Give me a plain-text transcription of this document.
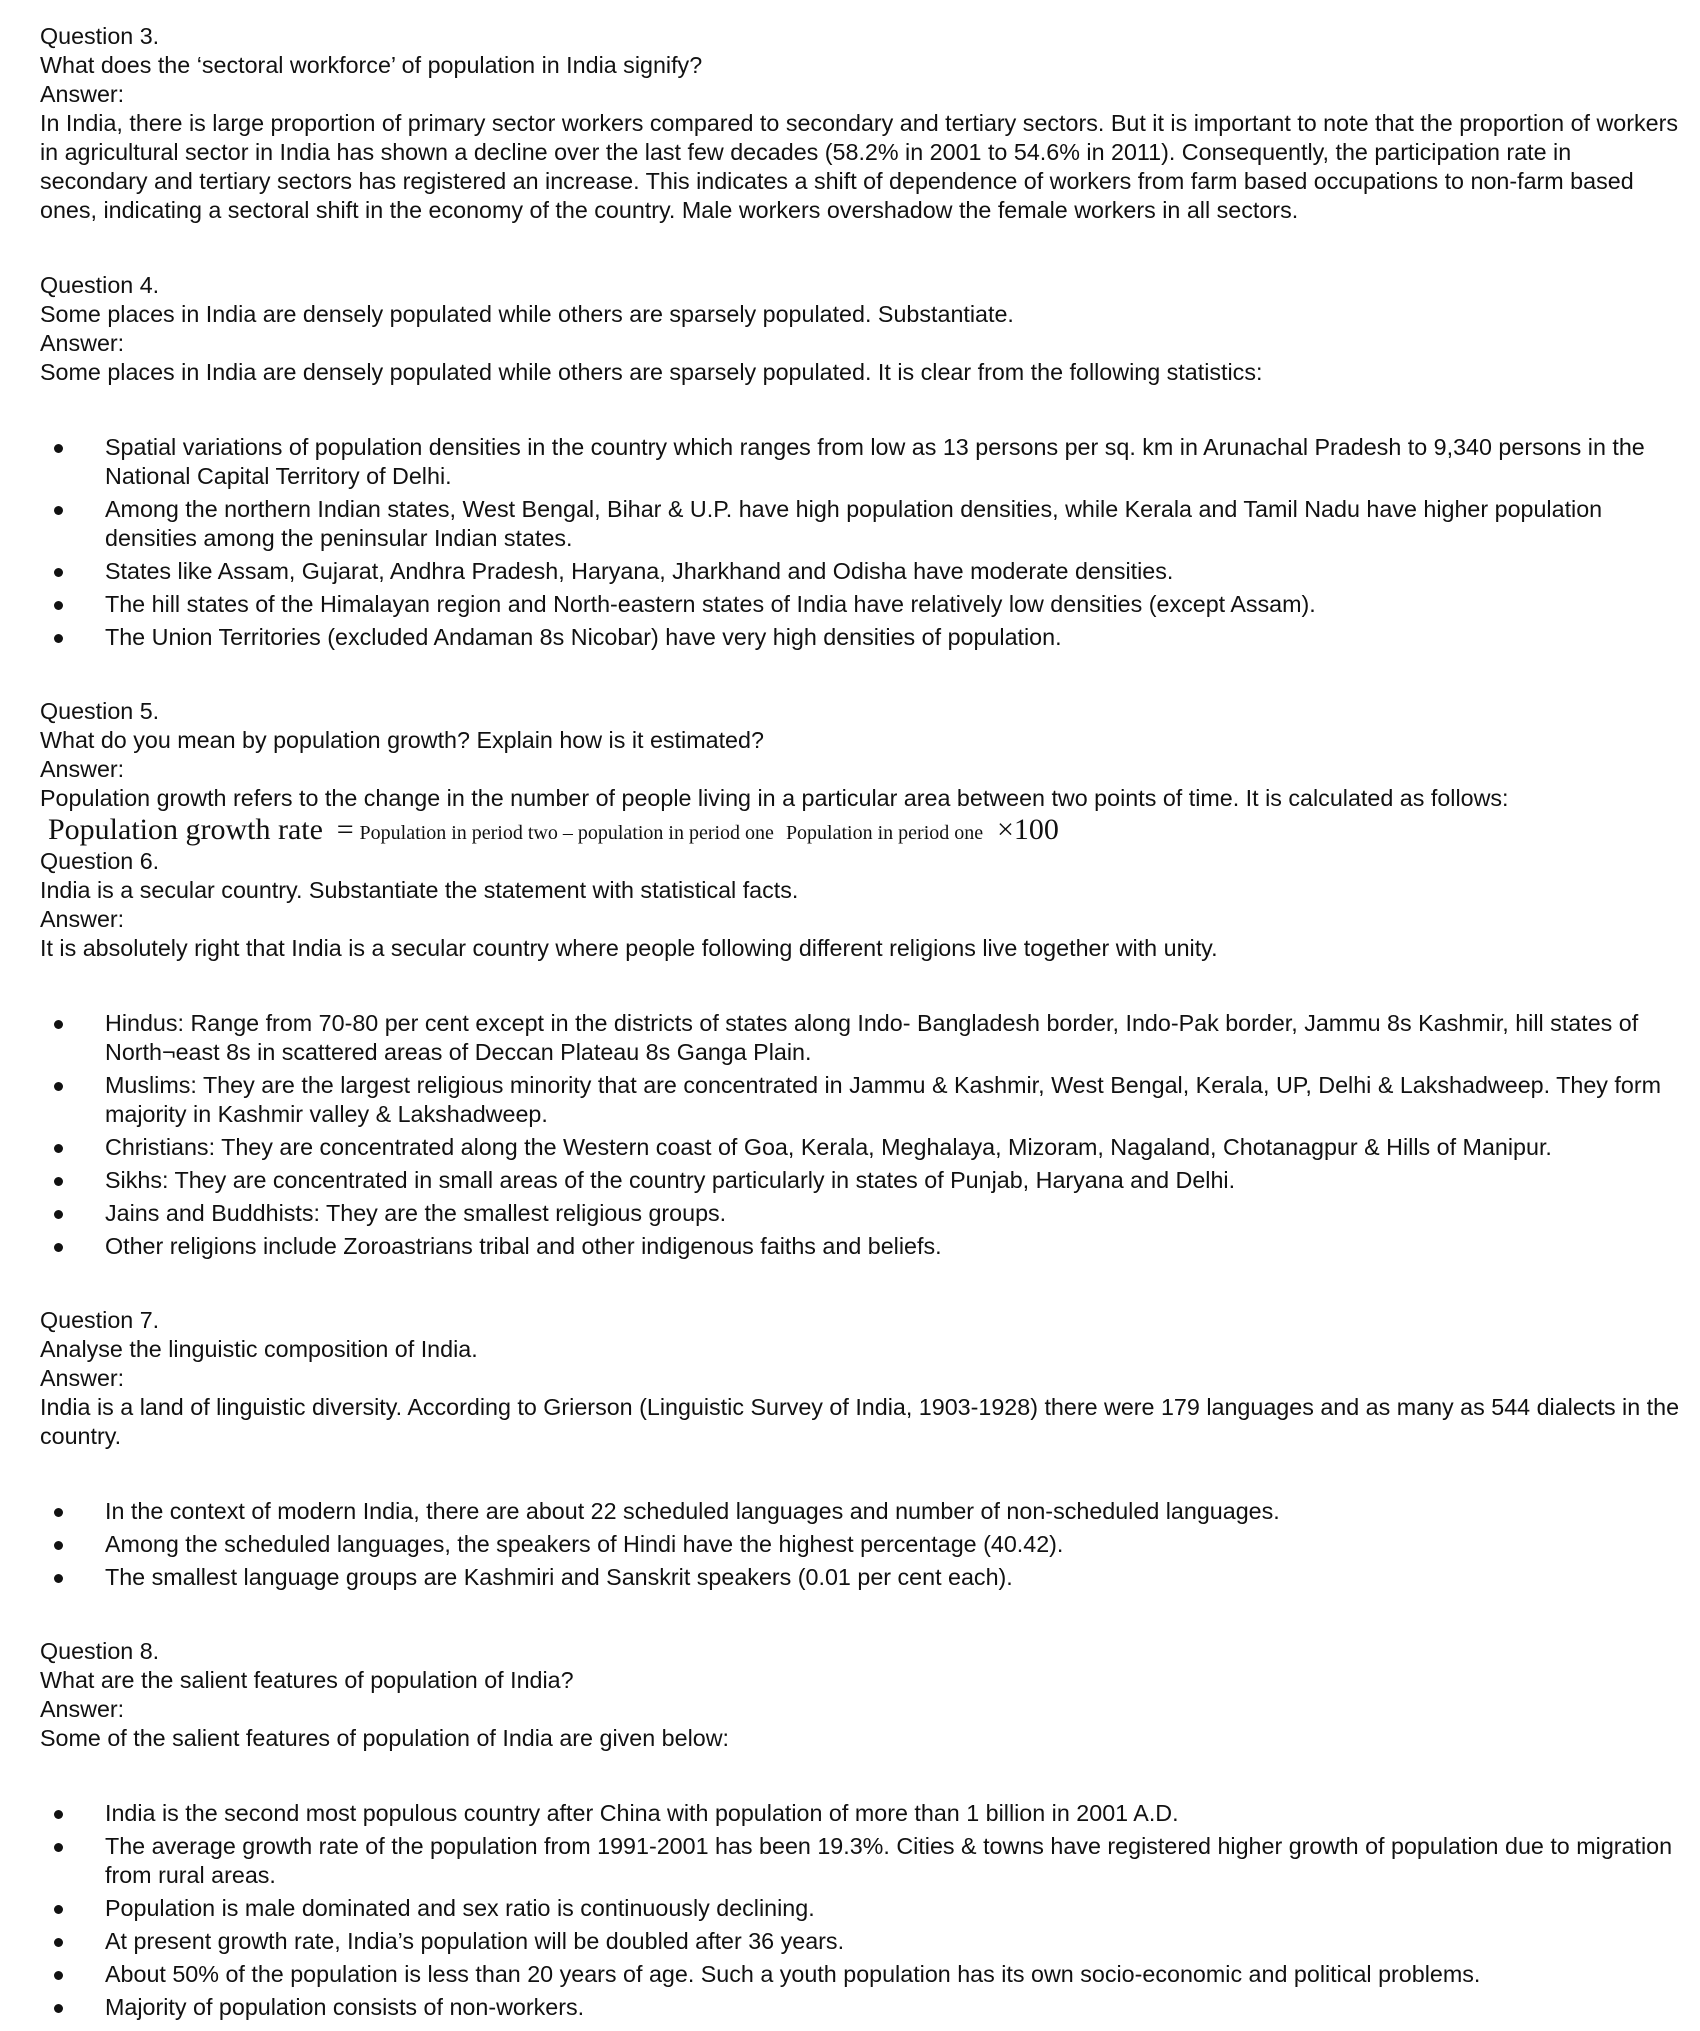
Question 3.
What does the ‘sectoral workforce’ of population in India signify?
Answer:
In India, there is large proportion of primary sector workers compared to secondary and tertiary sectors. But it is important to note that the proportion of workers in agricultural sector in India has shown a decline over the last few decades (58.2% in 2001 to 54.6% in 2011). Consequently, the participation rate in secondary and tertiary sectors has registered an increase. This indicates a shift of dependence of workers from farm based occupations to non-farm based ones, indicating a sectoral shift in the economy of the country. Male workers overshadow the female workers in all sectors.
Question 4.
Some places in India are densely populated while others are sparsely populated. Substantiate.
Answer:
Some places in India are densely populated while others are sparsely populated. It is clear from the following statistics:
Spatial variations of population densities in the country which ranges from low as 13 persons per sq. km in Arunachal Pradesh to 9,340 persons in the National Capital Territory of Delhi.
Among the northern Indian states, West Bengal, Bihar & U.P. have high population densities, while Kerala and Tamil Nadu have higher population densities among the peninsular Indian states.
States like Assam, Gujarat, Andhra Pradesh, Haryana, Jharkhand and Odisha have moderate densities.
The hill states of the Himalayan region and North-eastern states of India have relatively low densities (except Assam).
The Union Territories (excluded Andaman 8s Nicobar) have very high densities of population.
Question 5.
What do you mean by population growth? Explain how is it estimated?
Answer:
Population growth refers to the change in the number of people living in a particular area between two points of time. It is calculated as follows:
Population growth rate = Population in period two – population in period one Population in period one ×100
Question 6.
India is a secular country. Substantiate the statement with statistical facts.
Answer:
It is absolutely right that India is a secular country where people following different religions live together with unity.
Hindus: Range from 70-80 per cent except in the districts of states along Indo- Bangladesh border, Indo-Pak border, Jammu 8s Kashmir, hill states of North¬east 8s in scattered areas of Deccan Plateau 8s Ganga Plain.
Muslims: They are the largest religious minority that are concentrated in Jammu & Kashmir, West Bengal, Kerala, UP, Delhi & Lakshadweep. They form majority in Kashmir valley & Lakshadweep.
Christians: They are concentrated along the Western coast of Goa, Kerala, Meghalaya, Mizoram, Nagaland, Chotanagpur & Hills of Manipur.
Sikhs: They are concentrated in small areas of the country particularly in states of Punjab, Haryana and Delhi.
Jains and Buddhists: They are the smallest religious groups.
Other religions include Zoroastrians tribal and other indigenous faiths and beliefs.
Question 7.
Analyse the linguistic composition of India.
Answer:
India is a land of linguistic diversity. According to Grierson (Linguistic Survey of India, 1903-1928) there were 179 languages and as many as 544 dialects in the country.
In the context of modern India, there are about 22 scheduled languages and number of non-scheduled languages.
Among the scheduled languages, the speakers of Hindi have the highest percentage (40.42).
The smallest language groups are Kashmiri and Sanskrit speakers (0.01 per cent each).
Question 8.
What are the salient features of population of India?
Answer:
Some of the salient features of population of India are given below:
India is the second most populous country after China with population of more than 1 billion in 2001 A.D.
The average growth rate of the population from 1991-2001 has been 19.3%. Cities & towns have registered higher growth of population due to migration from rural areas.
Population is male dominated and sex ratio is continuously declining.
At present growth rate, India’s population will be doubled after 36 years.
About 50% of the population is less than 20 years of age. Such a youth population has its own socio-economic and political problems.
Majority of population consists of non-workers.
